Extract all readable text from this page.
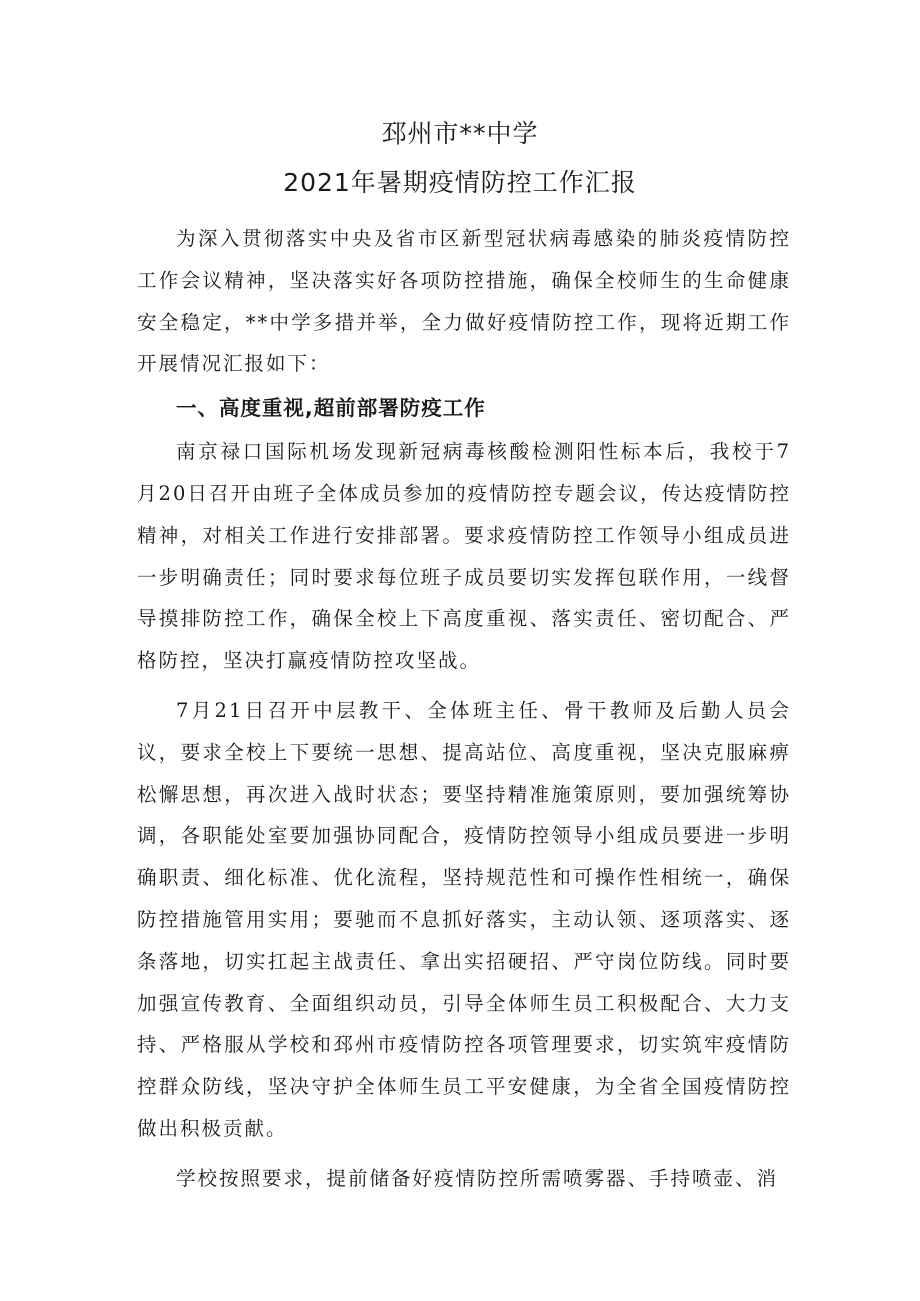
邳州市**中学
2021年暑期疫情防控工作汇报

为深入贯彻落实中央及省市区新型冠状病毒感染的肺炎疫情防控工作会议精神，坚决落实好各项防控措施，确保全校师生的生命健康安全稳定，**中学多措并举，全力做好疫情防控工作，现将近期工作开展情况汇报如下：

一、高度重视,超前部署防疫工作

南京禄口国际机场发现新冠病毒核酸检测阳性标本后，我校于7月20日召开由班子全体成员参加的疫情防控专题会议，传达疫情防控精神，对相关工作进行安排部署。要求疫情防控工作领导小组成员进一步明确责任；同时要求每位班子成员要切实发挥包联作用，一线督导摸排防控工作，确保全校上下高度重视、落实责任、密切配合、严格防控，坚决打赢疫情防控攻坚战。

7月21日召开中层教干、全体班主任、骨干教师及后勤人员会议，要求全校上下要统一思想、提高站位、高度重视，坚决克服麻痹松懈思想，再次进入战时状态；要坚持精准施策原则，要加强统筹协调，各职能处室要加强协同配合，疫情防控领导小组成员要进一步明确职责、细化标准、优化流程，坚持规范性和可操作性相统一，确保防控措施管用实用；要驰而不息抓好落实，主动认领、逐项落实、逐条落地，切实扛起主战责任、拿出实招硬招、严守岗位防线。同时要加强宣传教育、全面组织动员，引导全体师生员工积极配合、大力支持、严格服从学校和邳州市疫情防控各项管理要求，切实筑牢疫情防控群众防线，坚决守护全体师生员工平安健康，为全省全国疫情防控做出积极贡献。

学校按照要求，提前储备好疫情防控所需喷雾器、手持喷壶、消
